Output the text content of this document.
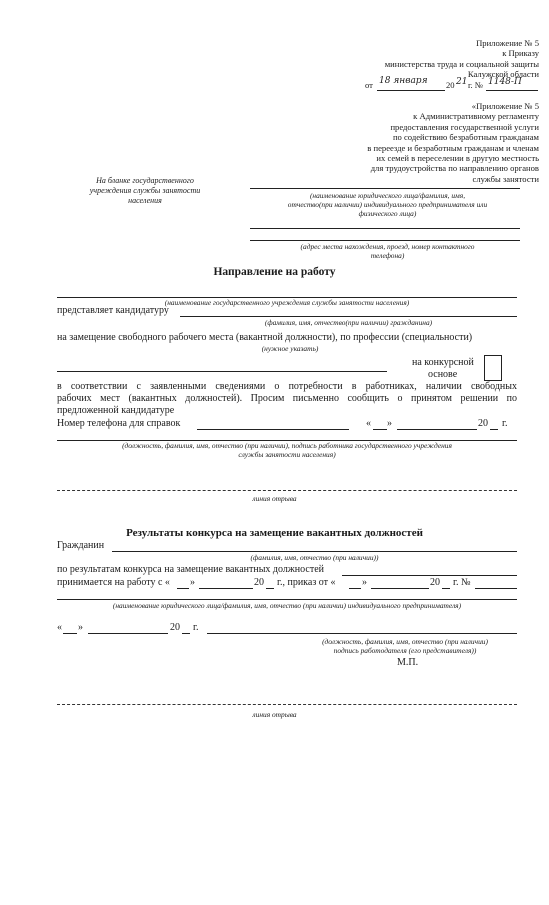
Приложение № 5
к Приказу
министерства труда и социальной защиты
Калужской области
от 18 января 20 21 г. № 1148-П
«Приложение № 5
к Административному регламенту
предоставления государственной услуги
по содействию безработным гражданам
в переезде и безработным гражданам и членам
их семей в переселении в другую местность
для трудоустройства по направлению органов
службы занятости
На бланке государственного
учреждения службы занятости
населения
(наименование юридического лица/фамилия, имя,
отчество(при наличии) индивидуального предпринимателя или
физического лица)
(адрес места нахождения, проезд, номер контактного
телефона)
Направление на работу
(наименование государственного учреждения службы занятости населения)
представляет кандидатуру
(фамилия, имя, отчество(при наличии) гражданина)
на замещение свободного рабочего места (вакантной должности), по профессии (специальности)
(нужное указать)
на конкурсной
основе
в соответствии с заявленными сведениями о потребности в работниках, наличии свободных
рабочих мест (вакантных должностей). Просим письменно сообщить о принятом решении по
предложенной кандидатуре
Номер телефона для справок	« »	20 г.
(должность, фамилия, имя, отчество (при наличии), подпись работника государственного учреждения
службы занятости населения)
линия отрыва
Результаты конкурса на замещение вакантных должностей
Гражданин
(фамилия, имя, отчество (при наличии))
по результатам конкурса на замещение вакантных должностей
принимается на работу с « »	20 г., приказ от «	»	20 г. №
(наименование юридического лица/фамилия, имя, отчество (при наличии) индивидуального предпринимателя)
« »	20 г.
(должность, фамилия, имя, отчество (при наличии)
подпись работодателя (его представителя))
М.П.
линия отрыва
